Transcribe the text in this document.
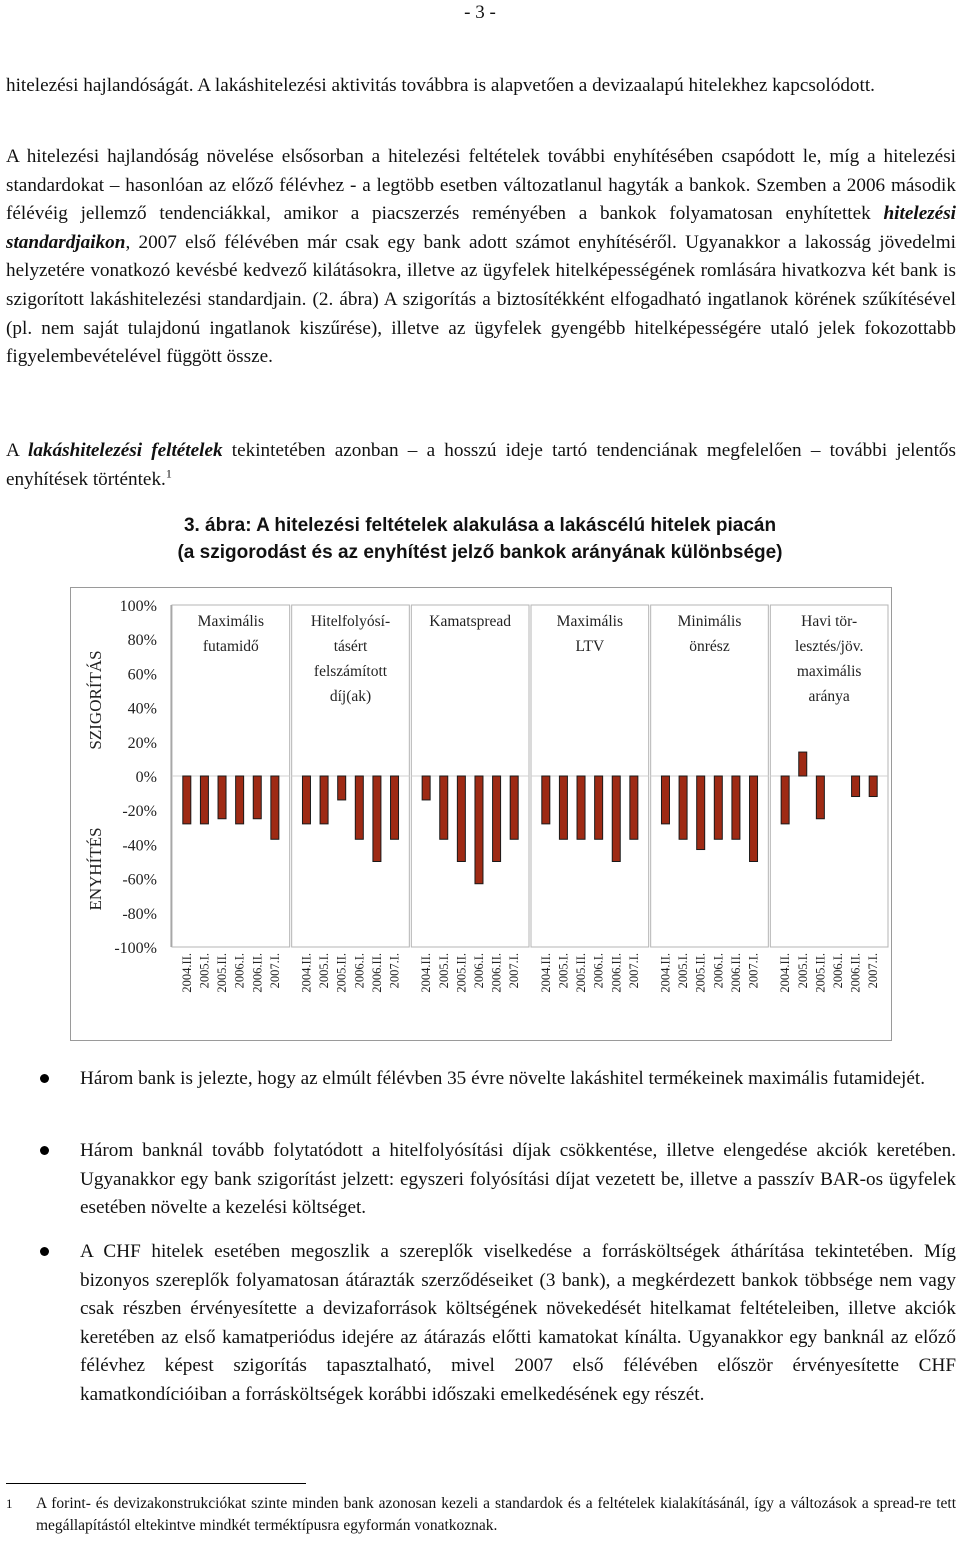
- 3 -

hitelezési hajlandóságát. A lakáshitelezési aktivitás továbbra is alapvetően a devizaalapú hitelekhez kapcsolódott.

A hitelezési hajlandóság növelése elsősorban a hitelezési feltételek további enyhítésében csapódott le, míg a hitelezési standardokat – hasonlóan az előző félévhez - a legtöbb esetben változatlanul hagyták a bankok. Szemben a 2006 második félévéig jellemző tendenciákkal, amikor a piacszerzés reményében a bankok folyamatosan enyhítettek hitelezési standardjaikon, 2007 első félévében már csak egy bank adott számot enyhítéséről. Ugyanakkor a lakosság jövedelmi helyzetére vonatkozó kevésbé kedvező kilátásokra, illetve az ügyfelek hitelképességének romlására hivatkozva két bank is szigorított lakáshitelezési standardjain. (2. ábra) A szigorítás a biztosítékként elfogadható ingatlanok körének szűkítésével (pl. nem saját tulajdonú ingatlanok kiszűrése), illetve az ügyfelek gyengébb hitelképességére utaló jelek fokozottabb figyelembevételével függött össze.

A lakáshitelezési feltételek tekintetében azonban – a hosszú ideje tartó tendenciának megfelelően – további jelentős enyhítések történtek.$^1$

3. ábra: A hitelezési feltételek alakulása a lakáscélú hitelek piacán
(a szigorodást és az enyhítést jelző bankok arányának különbsége)
100%
80%
60%
40%
20%
0%
-20%
-40%
-60%
-80%
-100%
SZIGORÍTÁS
ENYHÍTÉS
Maximális
futamidő
2004.II. 2005.I. 2005.II. 2006.I. 2006.II. 2007.I.
Hitelfolyósí-
tásért
felszámított
díj(ak)
2004.II. 2005.I. 2005.II. 2006.I. 2006.II. 2007.I.
Kamatspread
2004.II. 2005.I. 2005.II. 2006.I. 2006.II. 2007.I.
Maximális
LTV
2004.II. 2005.I. 2005.II. 2006.I. 2006.II. 2007.I.
Minimális
önrész
2004.II. 2005.I. 2005.II. 2006.I. 2006.II. 2007.I.
Havi tör-
lesztés/jöv.
maximális
aránya
2004.II. 2005.I. 2005.II. 2006.I. 2006.II. 2007.I.

Három bank is jelezte, hogy az elmúlt félévben 35 évre növelte lakáshitel termékeinek maximális futamidejét.

Három banknál tovább folytatódott a hitelfolyósítási díjak csökkentése, illetve elengedése akciók keretében. Ugyanakkor egy bank szigorítást jelzett: egyszeri folyósítási díjat vezetett be, illetve a passzív BAR-os ügyfelek esetében növelte a kezelési költséget.

A CHF hitelek esetében megoszlik a szereplők viselkedése a forrásköltségek áthárítása tekintetében. Míg bizonyos szereplők folyamatosan átárazták szerződéseiket (3 bank), a megkérdezett bankok többsége nem vagy csak részben érvényesítette a devizaforrások költségének növekedését hitelkamat feltételeiben, illetve akciók keretében az első kamatperiódus idejére az átárazás előtti kamatokat kínálta. Ugyanakkor egy banknál az előző félévhez képest szigorítás tapasztalható, mivel 2007 első félévében először érvényesítette CHF kamatkondícióiban a forrásköltségek korábbi időszaki emelkedésének egy részét.

1 A forint- és devizakonstrukciókat szinte minden bank azonosan kezeli a standardok és a feltételek kialakításánál, így a változások a spread-re tett megállapítástól eltekintve mindkét terméktípusra egyformán vonatkoznak.
